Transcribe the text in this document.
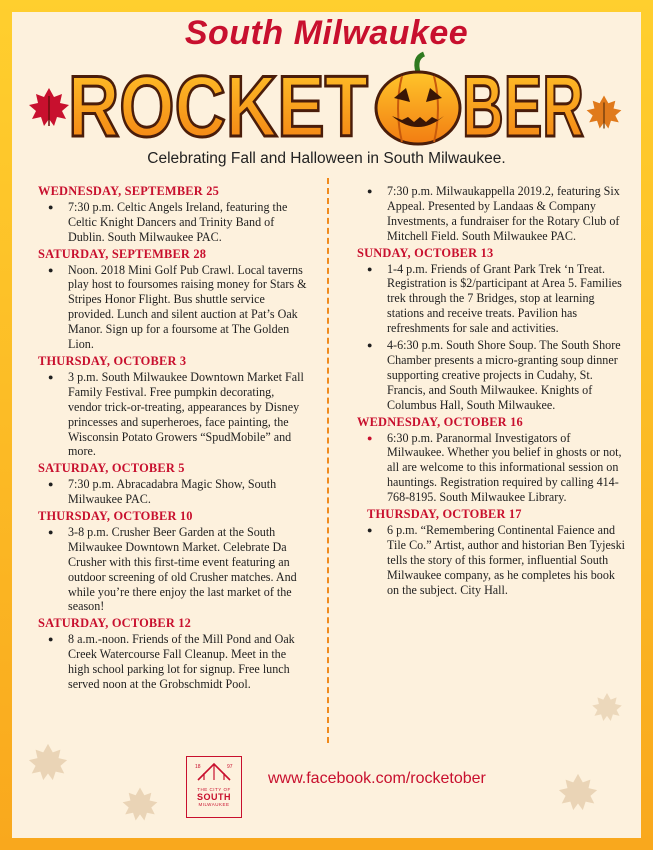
South Milwaukee
ROCKET BER
Celebrating Fall and Halloween in South Milwaukee.
WEDNESDAY, SEPTEMBER 25
●	7:30 p.m. Celtic Angels Ireland, featuring the Celtic Knight Dancers and Trinity Band of Dublin. South Milwaukee PAC.
SATURDAY, SEPTEMBER 28
●	Noon. 2018 Mini Golf Pub Crawl. Local taverns play host to foursomes raising money for Stars & Stripes Honor Flight. Bus shuttle service provided. Lunch and silent auction at Pat’s Oak Manor. Sign up for a foursome at The Golden Lion.
THURSDAY, OCTOBER 3
●	3 p.m. South Milwaukee Downtown Market Fall Family Festival. Free pumpkin decorating, vendor trick-or-treating, appearances by Disney princesses and superheroes, face painting, the Wisconsin Potato Growers “SpudMobile” and more.
SATURDAY, OCTOBER 5
●	7:30 p.m. Abracadabra Magic Show, South Milwaukee PAC.
THURSDAY, OCTOBER 10
●	3-8 p.m. Crusher Beer Garden at the South Milwaukee Downtown Market. Celebrate Da Crusher with this first-time event featuring an outdoor screening of old Crusher matches. And while you’re there enjoy the last market of the season!
SATURDAY, OCTOBER 12
●	8 a.m.-noon. Friends of the Mill Pond and Oak Creek Watercourse Fall Cleanup. Meet in the high school parking lot for signup. Free lunch served noon at the Grobschmidt Pool.
●	7:30 p.m. Milwaukappella 2019.2, featuring Six Appeal. Presented by Landaas & Company Investments, a fundraiser for the Rotary Club of Mitchell Field. South Milwaukee PAC.
SUNDAY, OCTOBER 13
●	1-4 p.m. Friends of Grant Park Trek ‘n Treat. Registration is $2/participant at Area 5. Families trek through the 7 Bridges, stop at learning stations and receive treats. Pavilion has refreshments for sale and activities.
●	4-6:30 p.m. South Shore Soup. The South Shore Chamber presents a micro-granting soup dinner supporting creative projects in Cudahy, St. Francis, and South Milwaukee. Knights of Columbus Hall, South Milwaukee.
WEDNESDAY, OCTOBER 16
●	6:30 p.m. Paranormal Investigators of Milwaukee. Whether you belief in ghosts or not, all are welcome to this informational session on hauntings. Registration required by calling 414-768-8195. South Milwaukee Library.
THURSDAY, OCTOBER 17
●	6 p.m. “Remembering Continental Faience and Tile Co.” Artist, author and historian Ben Tyjeski tells the story of this former, influential South Milwaukee company, as he completes his book on the subject. City Hall.
18	97
THE CITY OF
SOUTH
MILWAUKEE
www.facebook.com/rocketober
